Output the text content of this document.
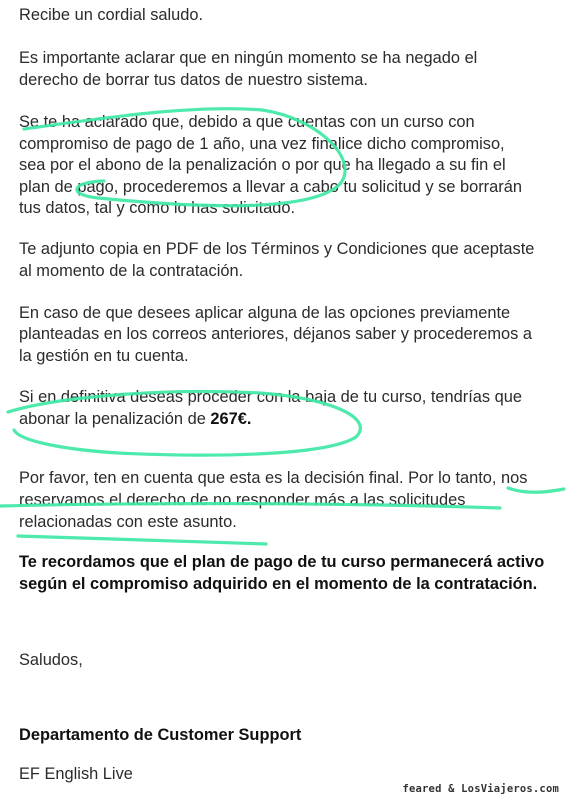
Recibe un cordial saludo.
Es importante aclarar que en ningún momento se ha negado el
derecho de borrar tus datos de nuestro sistema.
Se te ha aclarado que, debido a que cuentas con un curso con
compromiso de pago de 1 año, una vez finalice dicho compromiso,
sea por el abono de la penalización o por que ha llegado a su fin el
plan de pago, procederemos a llevar a cabo tu solicitud y se borrarán
tus datos, tal y como lo has solicitado.
Te adjunto copia en PDF de los Términos y Condiciones que aceptaste
al momento de la contratación.
En caso de que desees aplicar alguna de las opciones previamente
planteadas en los correos anteriores, déjanos saber y procederemos a
la gestión en tu cuenta.
Si en definitiva deseas proceder con la baja de tu curso, tendrías que
abonar la penalización de 267€.
Por favor, ten en cuenta que esta es la decisión final. Por lo tanto, nos
reservamos el derecho de no responder más a las solicitudes
relacionadas con este asunto.
Te recordamos que el plan de pago de tu curso permanecerá activo
según el compromiso adquirido en el momento de la contratación.
Saludos,
Departamento de Customer Support
EF English Live
feared & LosViajeros.com
